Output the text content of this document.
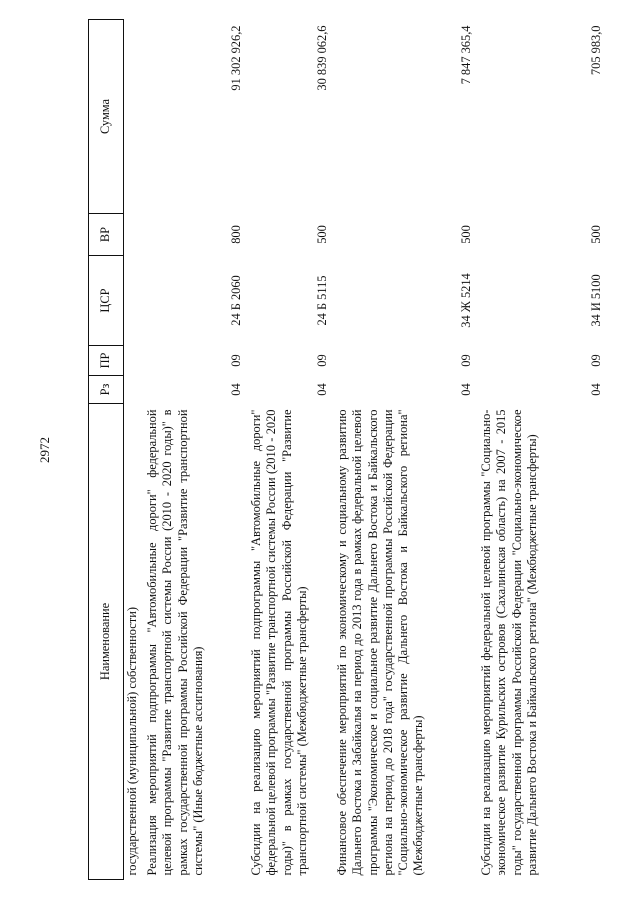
2972
Наименование	Рз	ПР	ЦСР	ВР	Сумма
государственной (муниципальной) собственности)					
Реализация мероприятий подпрограммы "Автомобильные дороги" федеральной целевой программы "Развитие транспортной системы России (2010 - 2020 годы)" в рамках государственной программы Российской Федерации "Развитие транспортной системы" (Иные бюджетные ассигнования)	04	09	24 Б 2060	800	91 302 926,2
Субсидии на реализацию мероприятий подпрограммы "Автомобильные дороги" федеральной целевой программы "Развитие транспортной системы России (2010 - 2020 годы)" в рамках государственной программы Российской Федерации "Развитие транспортной системы" (Межбюджетные трансферты)	04	09	24 Б 5115	500	30 839 062,6
Финансовое обеспечение мероприятий по экономическому и социальному развитию Дальнего Востока и Забайкалья на период до 2013 года в рамках федеральной целевой программы "Экономическое и социальное развитие Дальнего Востока и Байкальского региона на период до 2018 года" государственной программы Российской Федерации "Социально-экономическое развитие Дальнего Востока и Байкальского региона" (Межбюджетные трансферты)	04	09	34 Ж 5214	500	7 847 365,4
Субсидии на реализацию мероприятий федеральной целевой программы "Социально-экономическое развитие Курильских островов (Сахалинская область) на 2007 - 2015 годы" государственной программы Российской Федерации "Социально-экономическое развитие Дальнего Востока и Байкальского региона" (Межбюджетные трансферты)	04	09	34 И 5100	500	705 983,0
